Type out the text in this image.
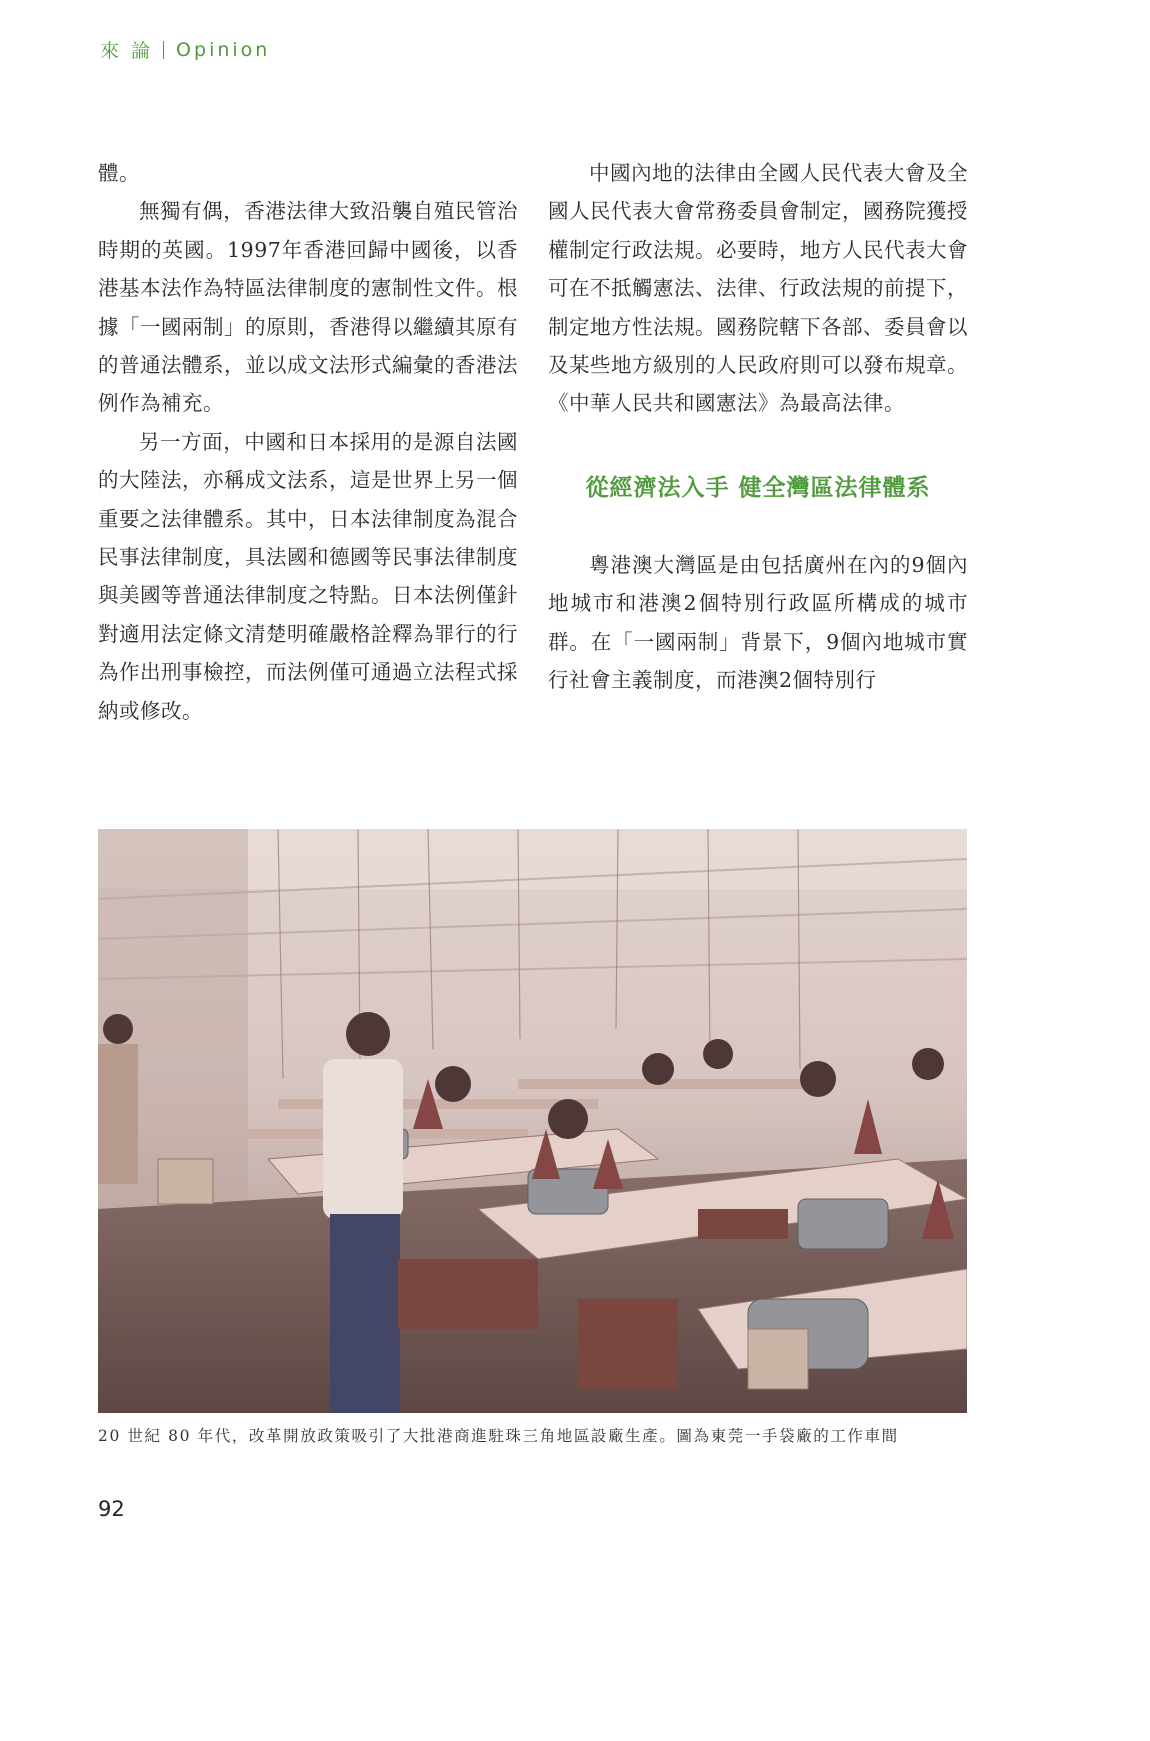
來 論 Opinion

體。

無獨有偶，香港法律大致沿襲自殖民管治時期的英國。1997年香港回歸中國後，以香港基本法作為特區法律制度的憲制性文件。根據「一國兩制」的原則，香港得以繼續其原有的普通法體系，並以成文法形式編彙的香港法例作為補充。

另一方面，中國和日本採用的是源自法國的大陸法，亦稱成文法系，這是世界上另一個重要之法律體系。其中，日本法律制度為混合民事法律制度，具法國和德國等民事法律制度與美國等普通法律制度之特點。日本法例僅針對適用法定條文清楚明確嚴格詮釋為罪行的行為作出刑事檢控，而法例僅可通過立法程式採納或修改。

中國內地的法律由全國人民代表大會及全國人民代表大會常務委員會制定，國務院獲授權制定行政法規。必要時，地方人民代表大會可在不抵觸憲法、法律、行政法規的前提下，制定地方性法規。國務院轄下各部、委員會以及某些地方級別的人民政府則可以發布規章。《中華人民共和國憲法》為最高法律。

從經濟法入手 健全灣區法律體系

粵港澳大灣區是由包括廣州在內的9個內地城市和港澳2個特別行政區所構成的城市群。在「一國兩制」背景下，9個內地城市實行社會主義制度，而港澳2個特別行

20 世紀 80 年代，改革開放政策吸引了大批港商進駐珠三角地區設廠生產。圖為東莞一手袋廠的工作車間
92
